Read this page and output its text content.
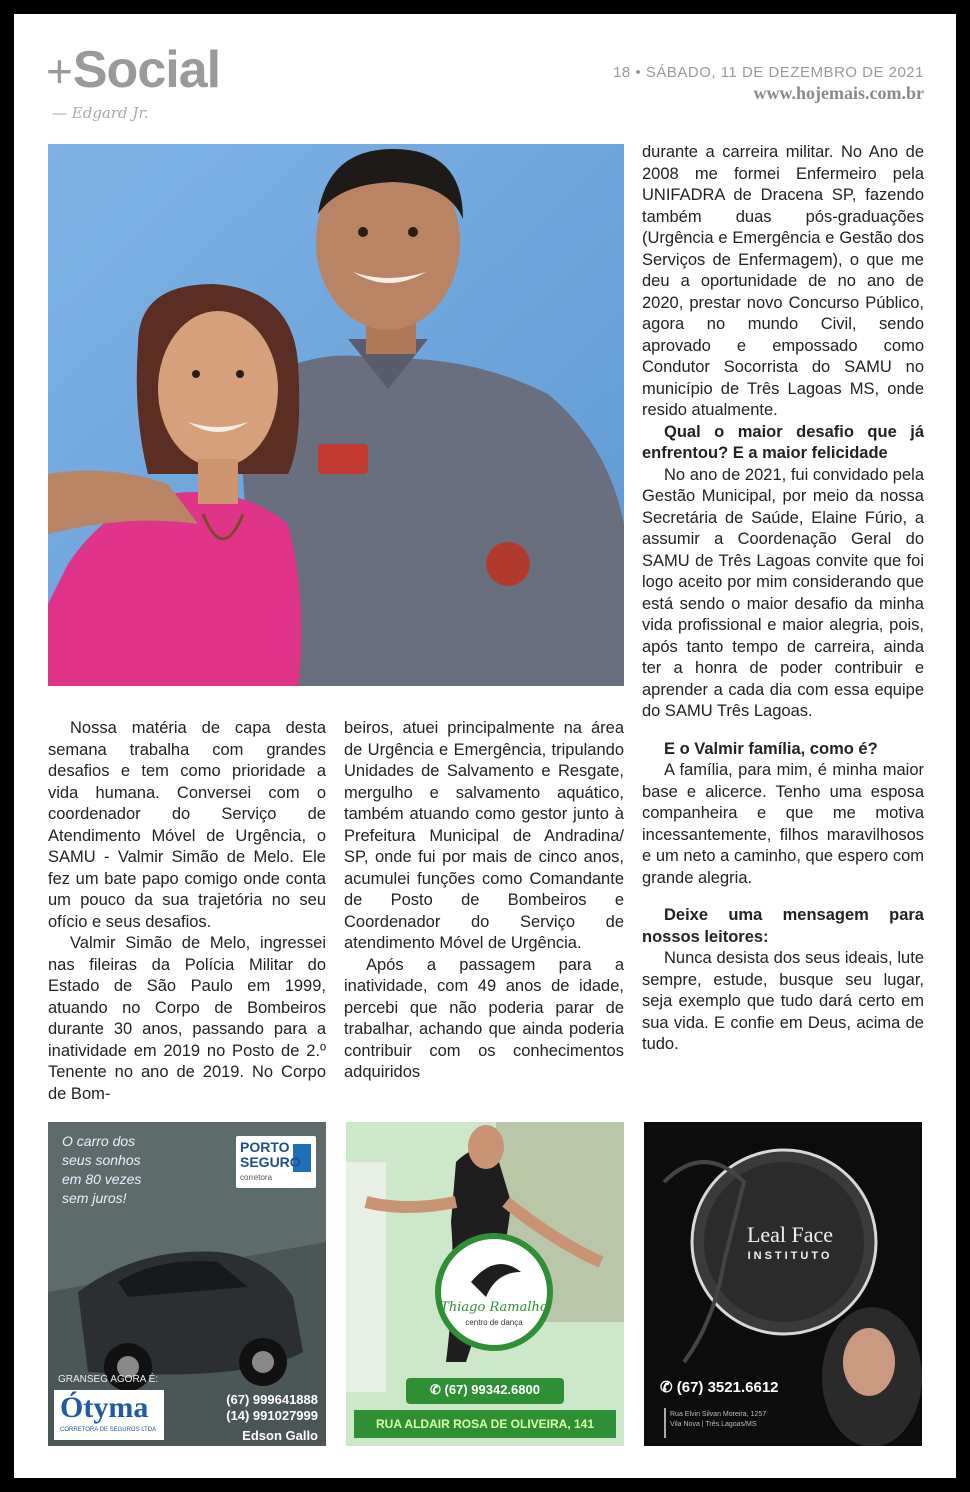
+Social
— Edgard Jr.
18 • SÁBADO, 11 DE DEZEMBRO DE 2021
www.hojemais.com.br

Nossa matéria de capa desta semana trabalha com grandes desafios e tem como prioridade a vida humana. Conversei com o coordenador do Serviço de Atendimento Móvel de Urgência, o SAMU - Valmir Simão de Melo. Ele fez um bate papo comigo onde conta um pouco da sua trajetória no seu ofício e seus desafios.

Valmir Simão de Melo, ingressei nas fileiras da Polícia Militar do Estado de São Paulo em 1999, atuando no Corpo de Bombeiros durante 30 anos, passando para a inatividade em 2019 no Posto de 2.º Tenente no ano de 2019. No Corpo de Bom-

beiros, atuei principalmente na área de Urgência e Emergência, tripulando Unidades de Salvamento e Resgate, mergulho e salvamento aquático, também atuando como gestor junto à Prefeitura Municipal de Andradina/ SP, onde fui por mais de cinco anos, acumulei funções como Comandante de Posto de Bombeiros e Coordenador do Serviço de atendimento Móvel de Urgência.

Após a passagem para a inatividade, com 49 anos de idade, percebi que não poderia parar de trabalhar, achando que ainda poderia contribuir com os conhecimentos adquiridos

durante a carreira militar. No Ano de 2008 me formei Enfermeiro pela UNIFADRA de Dracena SP, fazendo também duas pós-graduações (Urgência e Emergência e Gestão dos Serviços de Enfermagem), o que me deu a oportunidade de no ano de 2020, prestar novo Concurso Público, agora no mundo Civil, sendo aprovado e empossado como Condutor Socorrista do SAMU no município de Três Lagoas MS, onde resido atualmente.

Qual o maior desafio que já enfrentou? E a maior felicidade

No ano de 2021, fui convidado pela Gestão Municipal, por meio da nossa Secretária de Saúde, Elaine Fúrio, a assumir a Coordenação Geral do SAMU de Três Lagoas convite que foi logo aceito por mim considerando que está sendo o maior desafio da minha vida profissional e maior alegria, pois, após tanto tempo de carreira, ainda ter a honra de poder contribuir e aprender a cada dia com essa equipe do SAMU Três Lagoas.

E o Valmir família, como é?

A família, para mim, é minha maior base e alicerce. Tenho uma esposa companheira e que me motiva incessantemente, filhos maravilhosos e um neto a caminho, que espero com grande alegria.

Deixe uma mensagem para nossos leitores:

Nunca desista dos seus ideais, lute sempre, estude, busque seu lugar, seja exemplo que tudo dará certo em sua vida. E confie em Deus, acima de tudo.

O carro dos
seus sonhos
em 80 vezes
sem juros!
PORTO
SEGURO
corretora
GRANSEG AGORA É:
Ótyma
CORRETORA DE SEGUROS LTDA
(67) 999641888
(14) 991027999
Edson Gallo
Thiago Ramalho
centro de dança
✆ (67) 99342.6800
RUA ALDAIR ROSA DE OLIVEIRA, 141
Leal Face
INSTITUTO
✆ (67) 3521.6612
Rua Elvin Silvan Moreira, 1257
Vila Nova | Três Lagoas/MS
